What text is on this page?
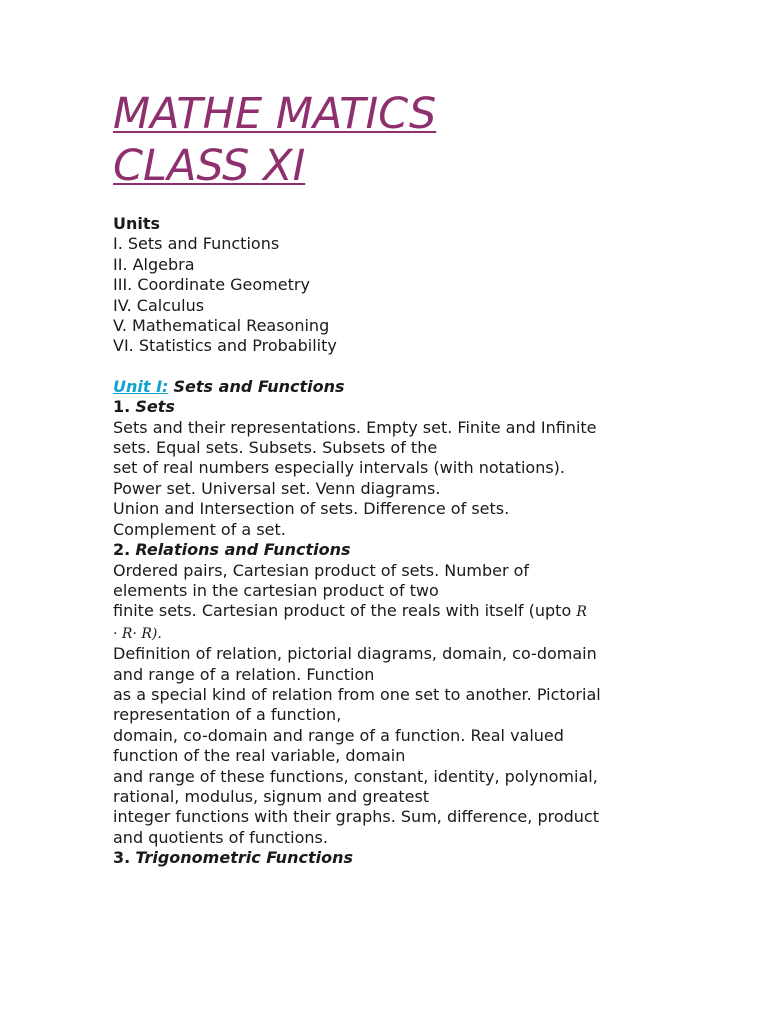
MATHE MATICS
CLASS XI
Units
I. Sets and Functions
II. Algebra
III. Coordinate Geometry
IV. Calculus
V. Mathematical Reasoning
VI. Statistics and Probability
Unit I: Sets and Functions
1. Sets
Sets and their representations. Empty set. Finite and Infinite
sets. Equal sets. Subsets. Subsets of the
set of real numbers especially intervals (with notations).
Power set. Universal set. Venn diagrams.
Union and Intersection of sets. Difference of sets.
Complement of a set.
2. Relations and Functions
Ordered pairs, Cartesian product of sets. Number of
elements in the cartesian product of two
finite sets. Cartesian product of the reals with itself (upto R
· R· R).
Definition of relation, pictorial diagrams, domain, co-domain
and range of a relation. Function
as a special kind of relation from one set to another. Pictorial
representation of a function,
domain, co-domain and range of a function. Real valued
function of the real variable, domain
and range of these functions, constant, identity, polynomial,
rational, modulus, signum and greatest
integer functions with their graphs. Sum, difference, product
and quotients of functions.
3. Trigonometric Functions
